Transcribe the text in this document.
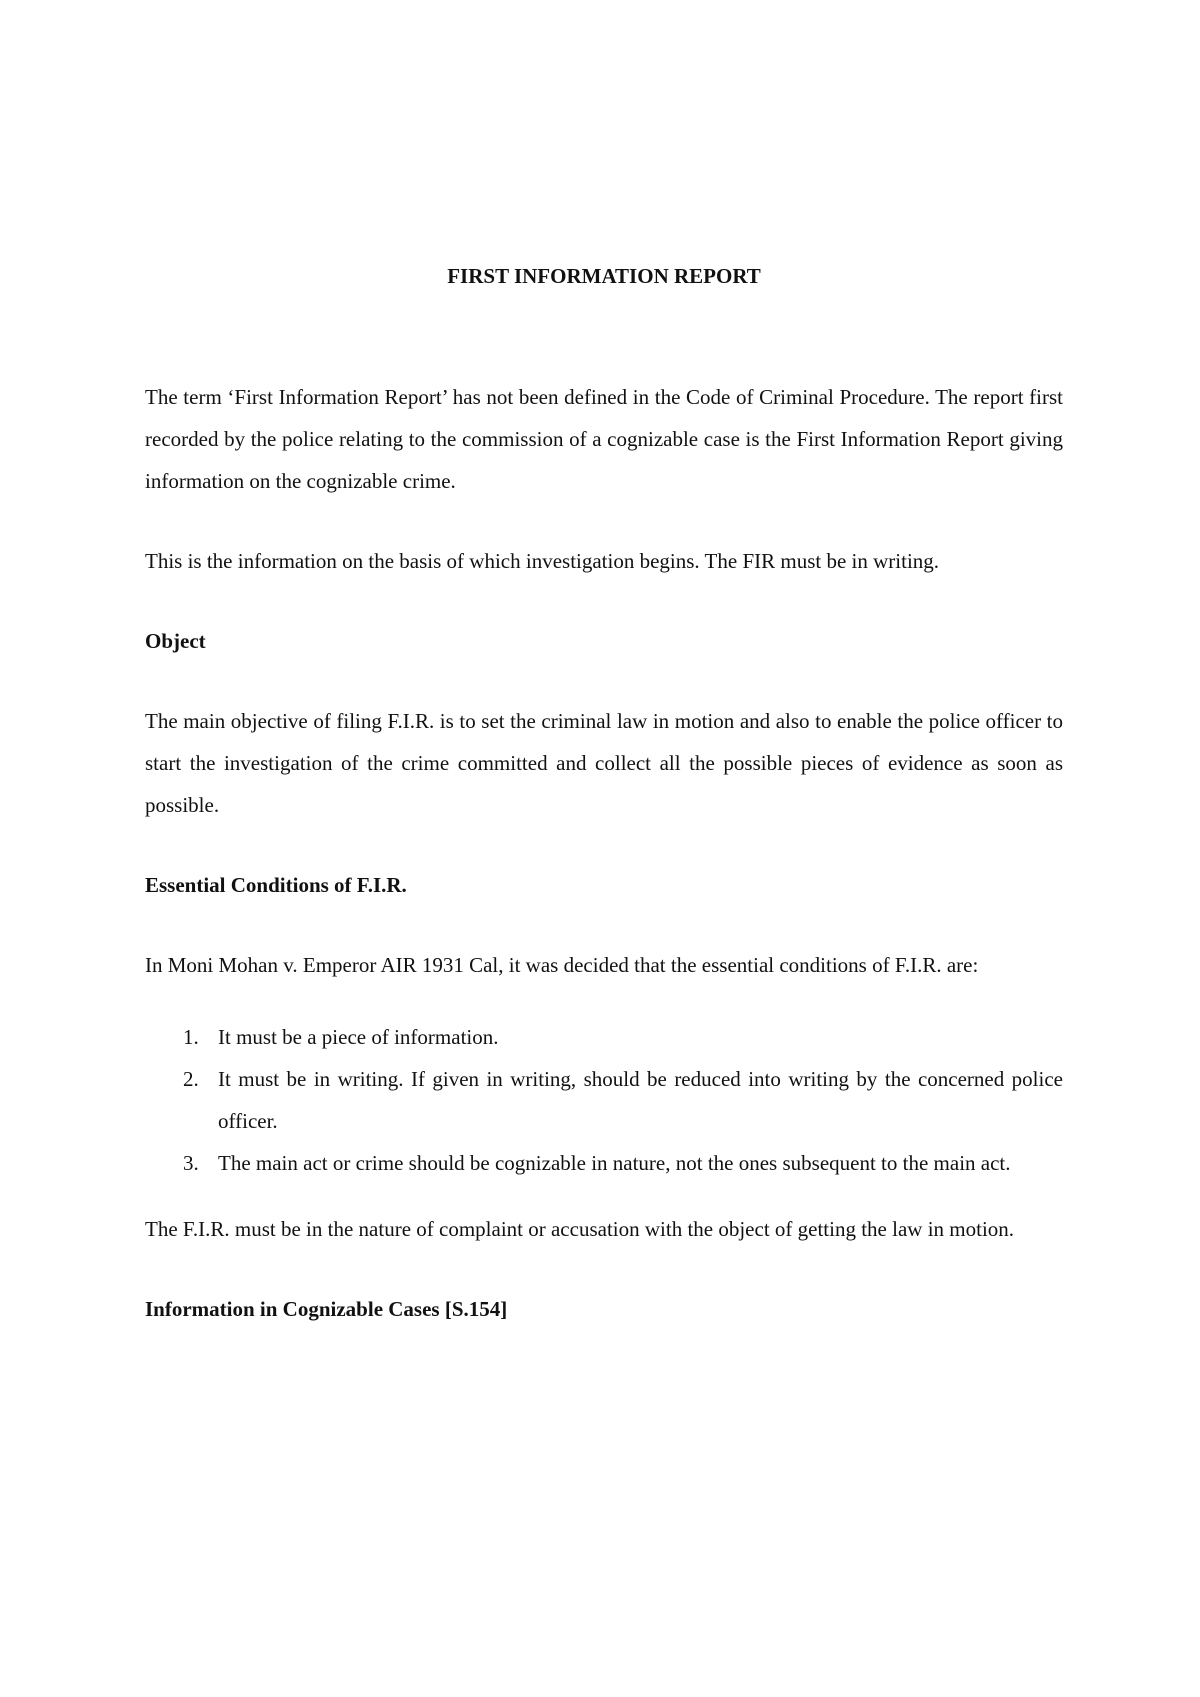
FIRST INFORMATION REPORT

The term ‘First Information Report’ has not been defined in the Code of Criminal Procedure. The report first recorded by the police relating to the commission of a cognizable case is the First Information Report giving information on the cognizable crime.

This is the information on the basis of which investigation begins. The FIR must be in writing.

Object

The main objective of filing F.I.R. is to set the criminal law in motion and also to enable the police officer to start the investigation of the crime committed and collect all the possible pieces of evidence as soon as possible.

Essential Conditions of F.I.R.

In Moni Mohan v. Emperor AIR 1931 Cal, it was decided that the essential conditions of F.I.R. are:

1. It must be a piece of information.
2. It must be in writing. If given in writing, should be reduced into writing by the concerned police officer.
3. The main act or crime should be cognizable in nature, not the ones subsequent to the main act.

The F.I.R. must be in the nature of complaint or accusation with the object of getting the law in motion.

Information in Cognizable Cases [S.154]
